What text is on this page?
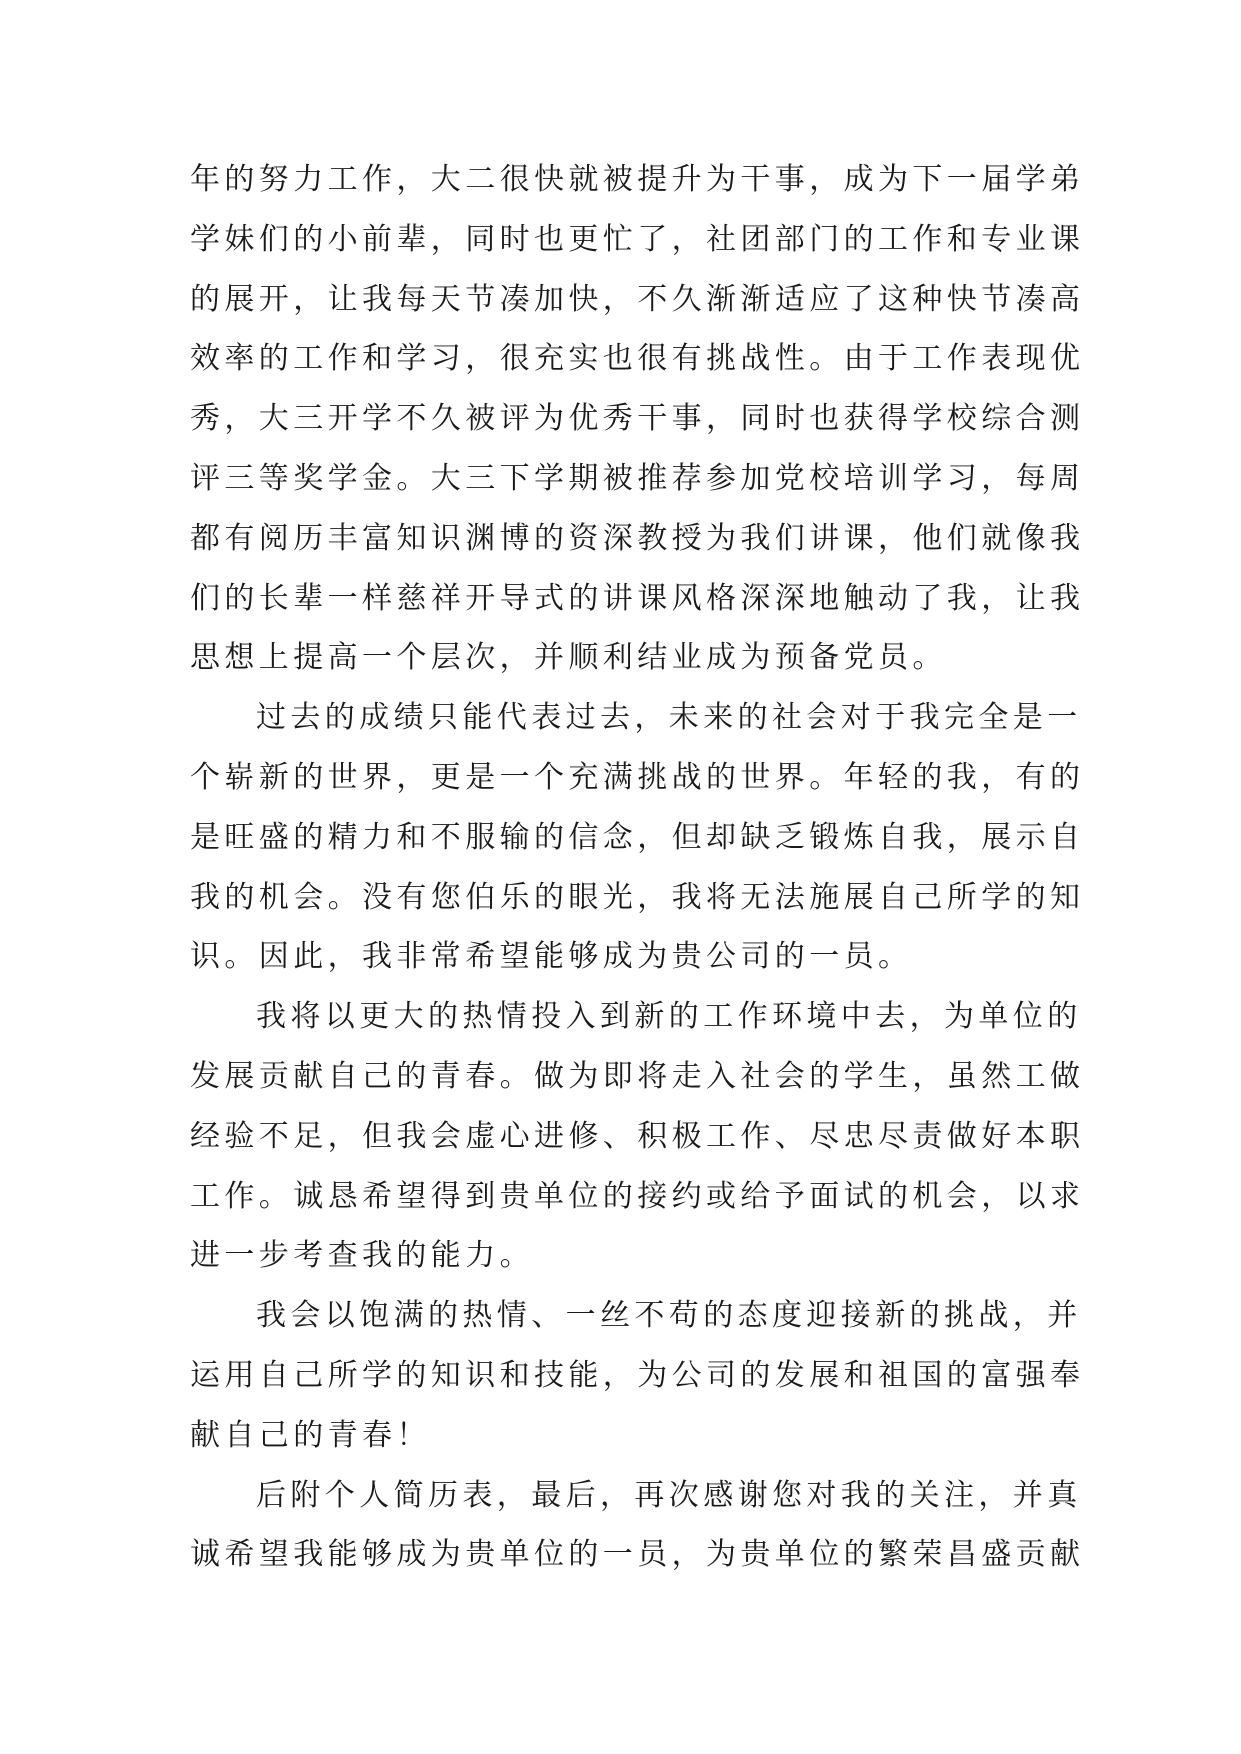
年的努力工作，大二很快就被提升为干事，成为下一届学弟
学妹们的小前辈，同时也更忙了，社团部门的工作和专业课
的展开，让我每天节凑加快，不久渐渐适应了这种快节凑高
效率的工作和学习，很充实也很有挑战性。由于工作表现优
秀，大三开学不久被评为优秀干事，同时也获得学校综合测
评三等奖学金。大三下学期被推荐参加党校培训学习，每周
都有阅历丰富知识渊博的资深教授为我们讲课，他们就像我
们的长辈一样慈祥开导式的讲课风格深深地触动了我，让我
思想上提高一个层次，并顺利结业成为预备党员。
过去的成绩只能代表过去，未来的社会对于我完全是一
个崭新的世界，更是一个充满挑战的世界。年轻的我，有的
是旺盛的精力和不服输的信念，但却缺乏锻炼自我，展示自
我的机会。没有您伯乐的眼光，我将无法施展自己所学的知
识。因此，我非常希望能够成为贵公司的一员。
我将以更大的热情投入到新的工作环境中去，为单位的
发展贡献自己的青春。做为即将走入社会的学生，虽然工做
经验不足，但我会虚心进修、积极工作、尽忠尽责做好本职
工作。诚恳希望得到贵单位的接约或给予面试的机会，以求
进一步考查我的能力。
我会以饱满的热情、一丝不苟的态度迎接新的挑战，并
运用自己所学的知识和技能，为公司的发展和祖国的富强奉
献自己的青春！
后附个人简历表，最后，再次感谢您对我的关注，并真
诚希望我能够成为贵单位的一员，为贵单位的繁荣昌盛贡献
